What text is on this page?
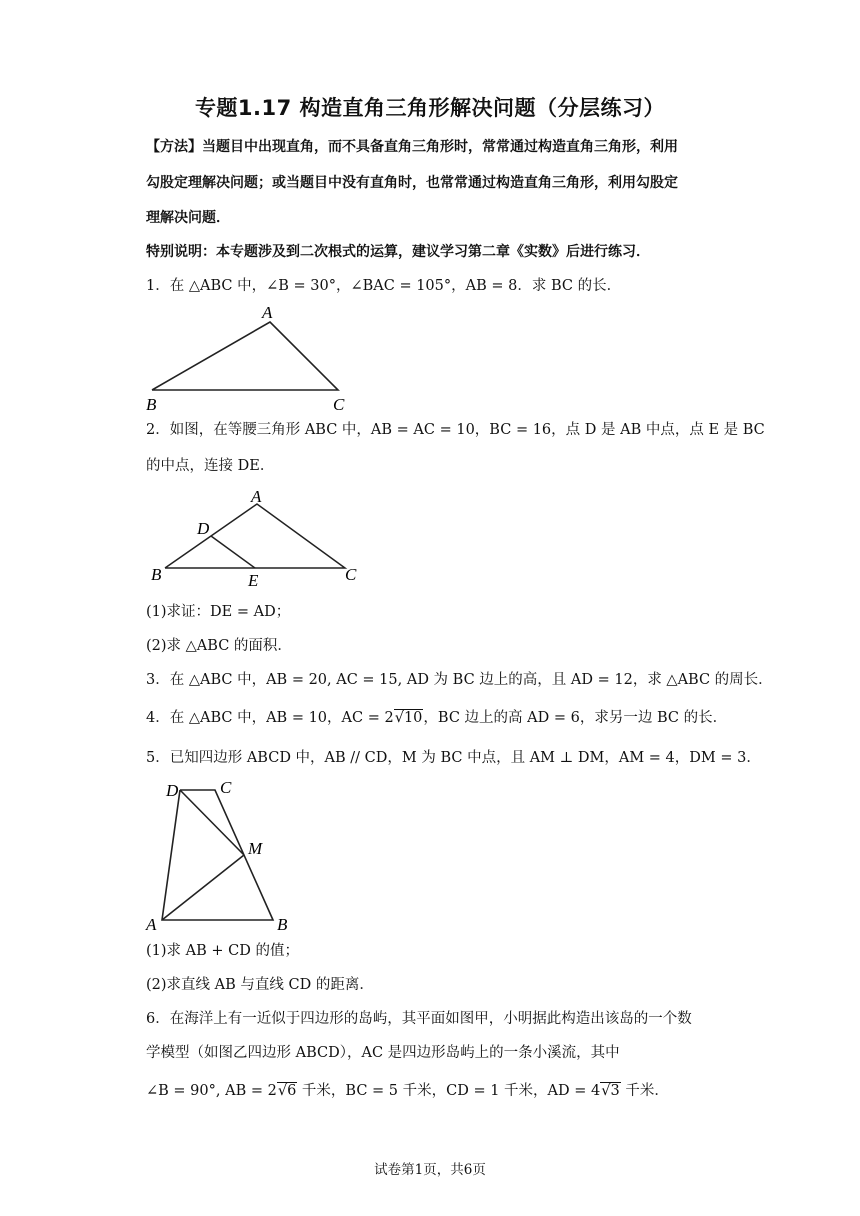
专题1.17 构造直角三角形解决问题（分层练习）
【方法】当题目中出现直角，而不具备直角三角形时，常常通过构造直角三角形，利用
勾股定理解决问题；或当题目中没有直角时，也常常通过构造直角三角形，利用勾股定
理解决问题．
特别说明：本专题涉及到二次根式的运算，建议学习第二章《实数》后进行练习．
1．在 △ABC 中，∠B = 30°，∠BAC = 105°，AB = 8．求 BC 的长．
A
B	C
2．如图，在等腰三角形 ABC 中，AB = AC = 10，BC = 16，点 D 是 AB 中点，点 E 是 BC
的中点，连接 DE．
A
D
B	E	C
(1)求证：DE = AD；
(2)求 △ABC 的面积．
3．在 △ABC 中，AB = 20, AC = 15, AD 为 BC 边上的高，且 AD = 12，求 △ABC 的周长．
4．在 △ABC 中，AB = 10，AC = 2√10，BC 边上的高 AD = 6，求另一边 BC 的长．
5．已知四边形 ABCD 中，AB // CD，M 为 BC 中点，且 AM ⊥ DM，AM = 4，DM = 3．
D C
M
A	B
(1)求 AB + CD 的值；
(2)求直线 AB 与直线 CD 的距离．
6．在海洋上有一近似于四边形的岛屿，其平面如图甲，小明据此构造出该岛的一个数
学模型（如图乙四边形 ABCD），AC 是四边形岛屿上的一条小溪流，其中
∠B = 90°, AB = 2√6 千米，BC = 5 千米，CD = 1 千米，AD = 4√3 千米．
试卷第1页，共6页
